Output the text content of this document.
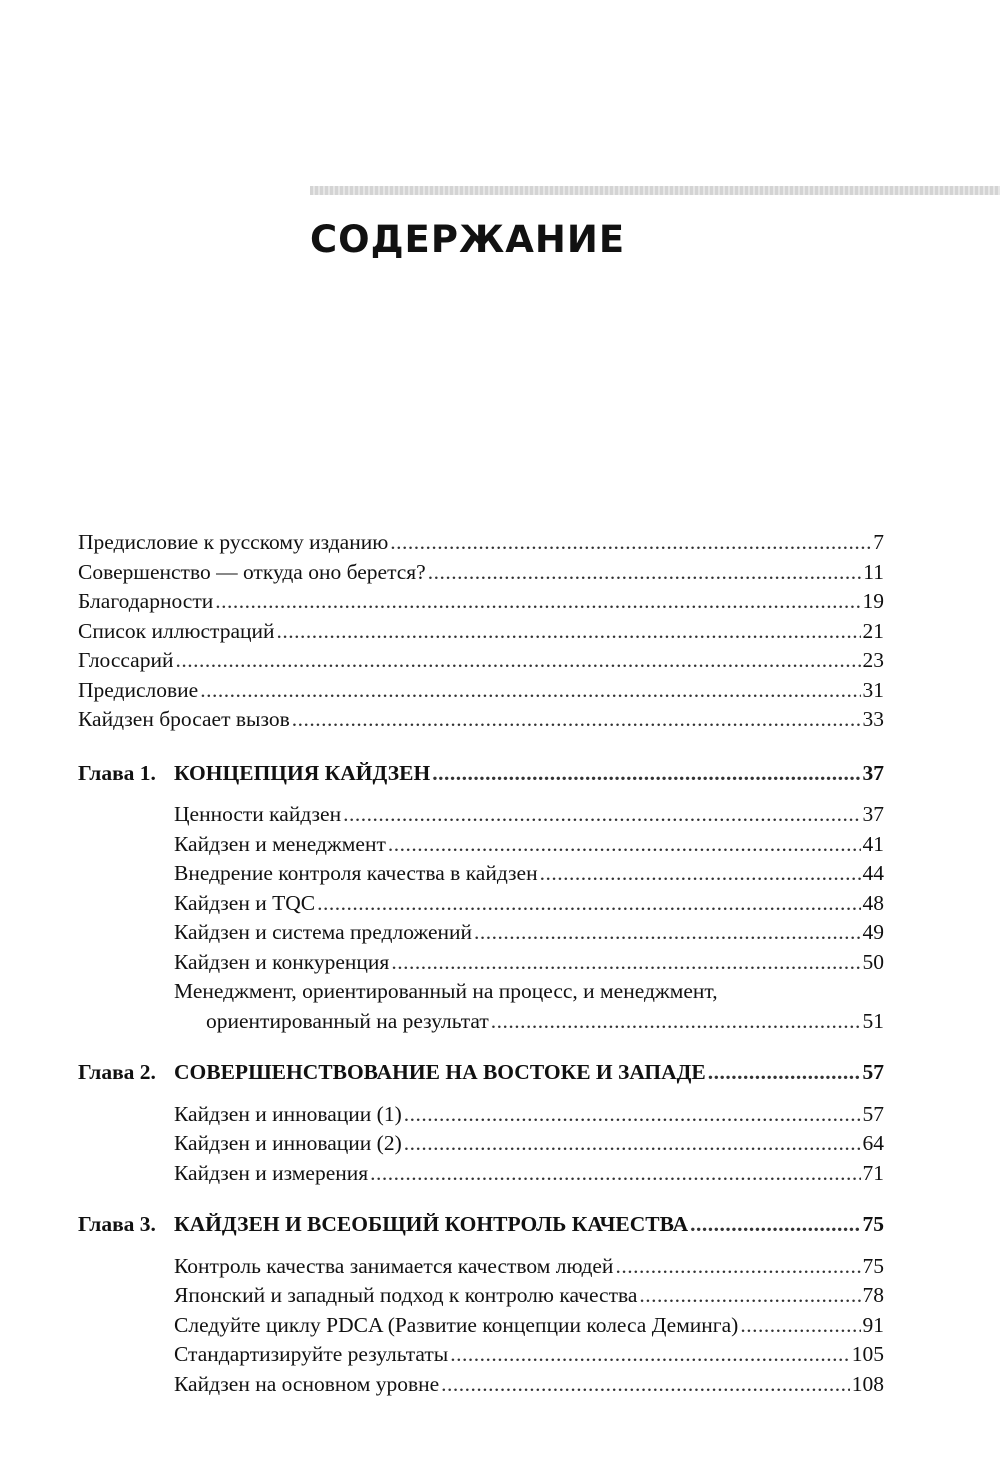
СОДЕРЖАНИЕ
Предисловие к русскому изданию .....	7
Совершенство — откуда оно берется? .....	11
Благодарности .....	19
Список иллюстраций .....	21
Глоссарий .....	23
Предисловие .....	31
Кайдзен бросает вызов .....	33
Глава 1. КОНЦЕПЦИЯ КАЙДЗЕН .....	37
Ценности кайдзен .....	37
Кайдзен и менеджмент .....	41
Внедрение контроля качества в кайдзен .....	44
Кайдзен и TQC .....	48
Кайдзен и система предложений .....	49
Кайдзен и конкуренция .....	50
Менеджмент, ориентированный на процесс, и менеджмент,
ориентированный на результат .....	51
Глава 2. СОВЕРШЕНСТВОВАНИЕ НА ВОСТОКЕ И ЗАПАДЕ .....	57
Кайдзен и инновации (1) .....	57
Кайдзен и инновации (2) .....	64
Кайдзен и измерения .....	71
Глава 3. КАЙДЗЕН И ВСЕОБЩИЙ КОНТРОЛЬ КАЧЕСТВА .....	75
Контроль качества занимается качеством людей .....	75
Японский и западный подход к контролю качества .....	78
Следуйте циклу PDCA (Развитие концепции колеса Деминга) .....	91
Стандартизируйте результаты .....	105
Кайдзен на основном уровне .....	108
